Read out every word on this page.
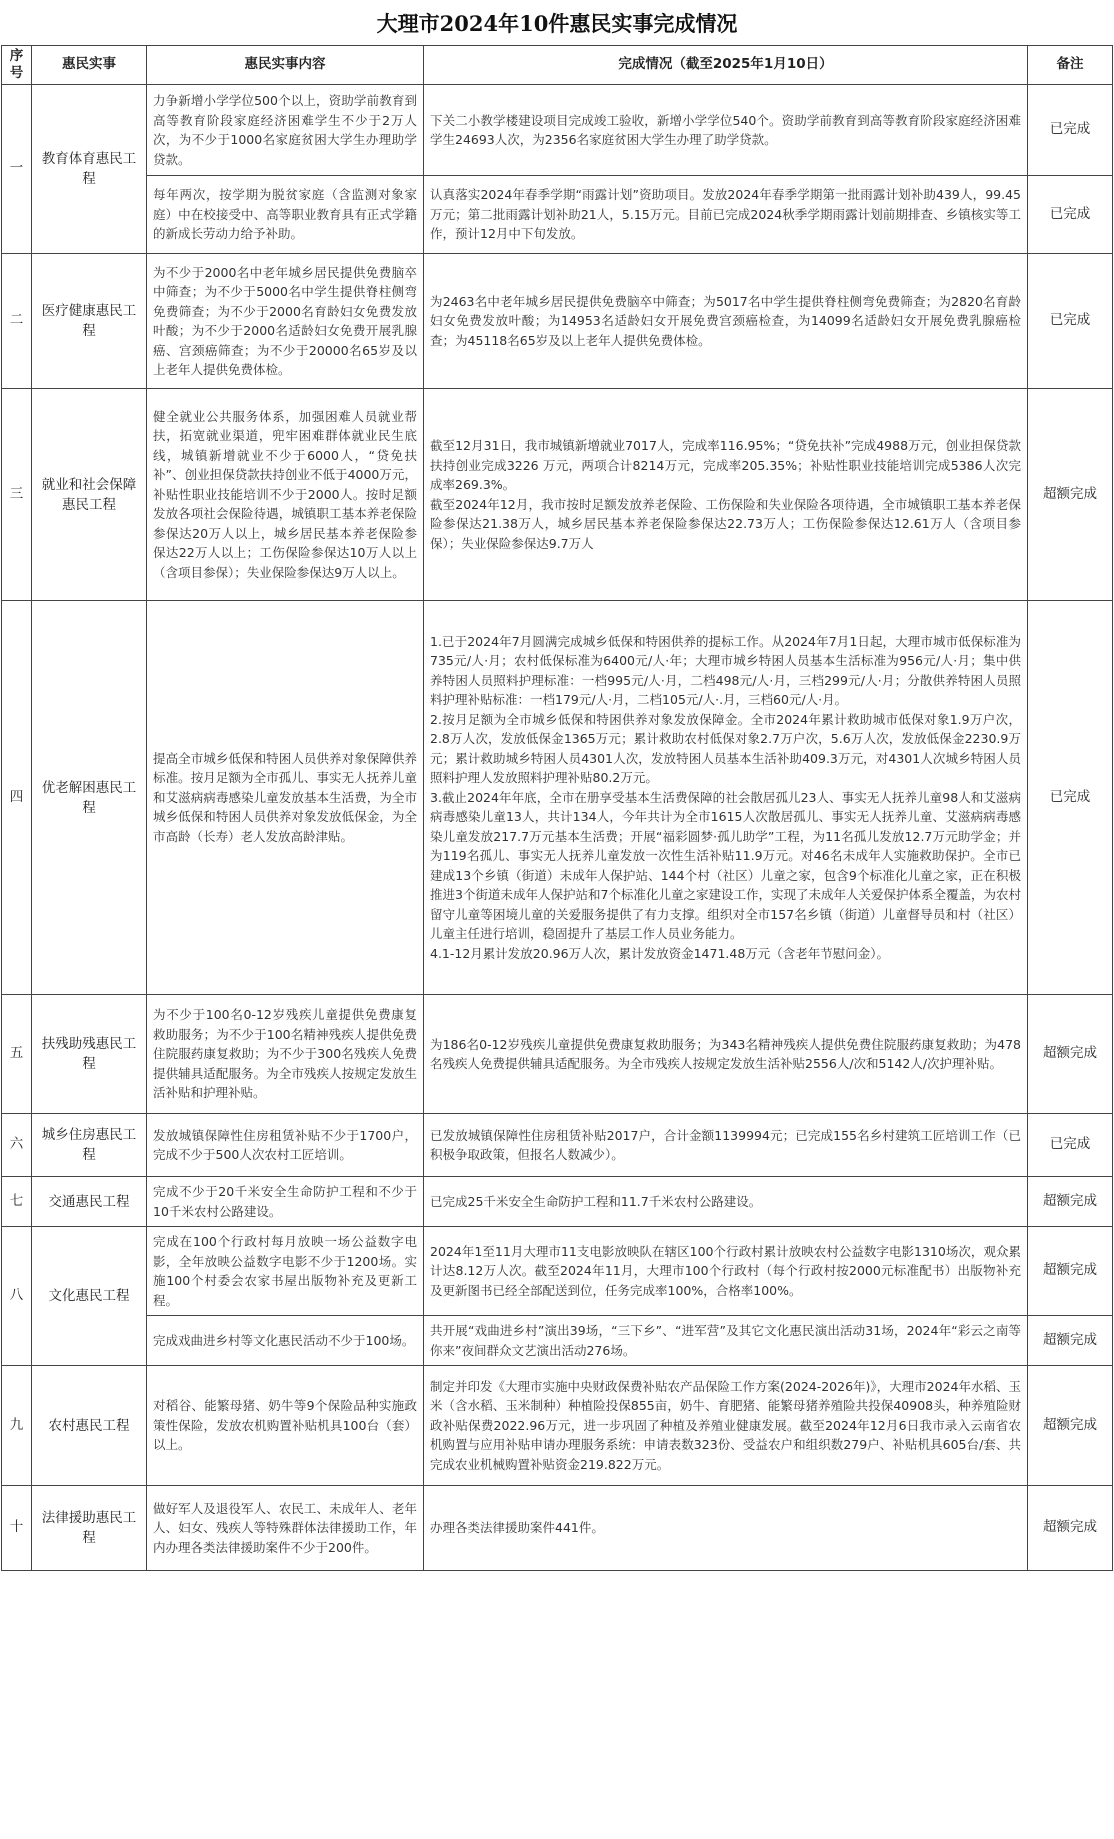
大理市2024年10件惠民实事完成情况
序号	惠民实事	惠民实事内容	完成情况（截至2025年1月10日）	备注
一	教育体育惠民工程	力争新增小学学位500个以上，资助学前教育到高等教育阶段家庭经济困难学生不少于2万人次，为不少于1000名家庭贫困大学生办理助学贷款。	下关二小教学楼建设项目完成竣工验收，新增小学学位540个。资助学前教育到高等教育阶段家庭经济困难学生24693人次，为2356名家庭贫困大学生办理了助学贷款。	已完成
		每年两次，按学期为脱贫家庭（含监测对象家庭）中在校接受中、高等职业教育具有正式学籍的新成长劳动力给予补助。	认真落实2024年春季学期“雨露计划”资助项目。发放2024年春季学期第一批雨露计划补助439人，99.45万元；第二批雨露计划补助21人，5.15万元。目前已完成2024秋季学期雨露计划前期排查、乡镇核实等工作，预计12月中下旬发放。	已完成
二	医疗健康惠民工程	为不少于2000名中老年城乡居民提供免费脑卒中筛查；为不少于5000名中学生提供脊柱侧弯免费筛查；为不少于2000名育龄妇女免费发放叶酸；为不少于2000名适龄妇女免费开展乳腺癌、宫颈癌筛查；为不少于20000名65岁及以上老年人提供免费体检。	为2463名中老年城乡居民提供免费脑卒中筛查；为5017名中学生提供脊柱侧弯免费筛查；为2820名育龄妇女免费发放叶酸；为14953名适龄妇女开展免费宫颈癌检查，为14099名适龄妇女开展免费乳腺癌检查；为45118名65岁及以上老年人提供免费体检。	已完成
三	就业和社会保障惠民工程	健全就业公共服务体系，加强困难人员就业帮扶，拓宽就业渠道，兜牢困难群体就业民生底线，城镇新增就业不少于6000人，“贷免扶补”、创业担保贷款扶持创业不低于4000万元，补贴性职业技能培训不少于2000人。按时足额发放各项社会保险待遇，城镇职工基本养老保险参保达20万人以上，城乡居民基本养老保险参保达22万人以上；工伤保险参保达10万人以上（含项目参保）；失业保险参保达9万人以上。	截至12月31日，我市城镇新增就业7017人，完成率116.95%；“贷免扶补”完成4988万元，创业担保贷款扶持创业完成3226 万元，两项合计8214万元，完成率205.35%；补贴性职业技能培训完成5386人次完成率269.3%。
截至2024年12月，我市按时足额发放养老保险、工伤保险和失业保险各项待遇，全市城镇职工基本养老保险参保达21.38万人，城乡居民基本养老保险参保达22.73万人；工伤保险参保达12.61万人（含项目参保）；失业保险参保达9.7万人	超额完成
四	优老解困惠民工程	提高全市城乡低保和特困人员供养对象保障供养标准。按月足额为全市孤儿、事实无人抚养儿童和艾滋病病毒感染儿童发放基本生活费，为全市城乡低保和特困人员供养对象发放低保金，为全市高龄（长寿）老人发放高龄津贴。	1.已于2024年7月圆满完成城乡低保和特困供养的提标工作。从2024年7月1日起，大理市城市低保标准为735元/人·月；农村低保标准为6400元/人·年；大理市城乡特困人员基本生活标准为956元/人·月；集中供养特困人员照料护理标准：一档995元/人·月，二档498元/人·月，三档299元/人·月；分散供养特困人员照料护理补贴标准：一档179元/人·月，二档105元/人·.月，三档60元/人·月。
2.按月足额为全市城乡低保和特困供养对象发放保障金。全市2024年累计救助城市低保对象1.9万户次，2.8万人次，发放低保金1365万元；累计救助农村低保对象2.7万户次，5.6万人次，发放低保金2230.9万元；累计救助城乡特困人员4301人次，发放特困人员基本生活补助409.3万元，对4301人次城乡特困人员照料护理人发放照料护理补贴80.2万元。
3.截止2024年年底，全市在册享受基本生活费保障的社会散居孤儿23人、事实无人抚养儿童98人和艾滋病病毒感染儿童13人，共计134人，今年共计为全市1615人次散居孤儿、事实无人抚养儿童、艾滋病病毒感染儿童发放217.7万元基本生活费；开展“福彩圆梦·孤儿助学”工程，为11名孤儿发放12.7万元助学金；并为119名孤儿、事实无人抚养儿童发放一次性生活补贴11.9万元。对46名未成年人实施救助保护。全市已建成13个乡镇（街道）未成年人保护站、144个村（社区）儿童之家，包含9个标准化儿童之家，正在积极推进3个街道未成年人保护站和7个标准化儿童之家建设工作，实现了未成年人关爱保护体系全覆盖，为农村留守儿童等困境儿童的关爱服务提供了有力支撑。组织对全市157名乡镇（街道）儿童督导员和村（社区）儿童主任进行培训，稳固提升了基层工作人员业务能力。
4.1-12月累计发放20.96万人次，累计发放资金1471.48万元（含老年节慰问金）。	已完成
五	扶残助残惠民工程	为不少于100名0-12岁残疾儿童提供免费康复救助服务；为不少于100名精神残疾人提供免费住院服药康复救助；为不少于300名残疾人免费提供辅具适配服务。为全市残疾人按规定发放生活补贴和护理补贴。	为186名0-12岁残疾儿童提供免费康复救助服务；为343名精神残疾人提供免费住院服药康复救助；为478名残疾人免费提供辅具适配服务。为全市残疾人按规定发放生活补贴2556人/次和5142人/次护理补贴。	超额完成
六	城乡住房惠民工程	发放城镇保障性住房租赁补贴不少于1700户，完成不少于500人次农村工匠培训。	已发放城镇保障性住房租赁补贴2017户，合计金额1139994元；已完成155名乡村建筑工匠培训工作（已积极争取政策，但报名人数减少）。	已完成
七	交通惠民工程	完成不少于20千米安全生命防护工程和不少于10千米农村公路建设。	已完成25千米安全生命防护工程和11.7千米农村公路建设。	超额完成
八	文化惠民工程	完成在100个行政村每月放映一场公益数字电影，全年放映公益数字电影不少于1200场。实施100个村委会农家书屋出版物补充及更新工程。	2024年1至11月大理市11支电影放映队在辖区100个行政村累计放映农村公益数字电影1310场次，观众累计达8.12万人次。截至2024年11月，大理市100个行政村（每个行政村按2000元标准配书）出版物补充及更新图书已经全部配送到位，任务完成率100%，合格率100%。	超额完成
		完成戏曲进乡村等文化惠民活动不少于100场。	共开展“戏曲进乡村”演出39场，“三下乡”、“进军营”及其它文化惠民演出活动31场，2024年“彩云之南等你来”夜间群众文艺演出活动276场。	超额完成
九	农村惠民工程	对稻谷、能繁母猪、奶牛等9个保险品种实施政策性保险，发放农机购置补贴机具100台（套）以上。	制定并印发《大理市实施中央财政保费补贴农产品保险工作方案(2024-2026年)》，大理市2024年水稻、玉米（含水稻、玉米制种）种植险投保855亩，奶牛、育肥猪、能繁母猪养殖险共投保40908头，种养殖险财政补贴保费2022.96万元，进一步巩固了种植及养殖业健康发展。截至2024年12月6日我市录入云南省农机购置与应用补贴申请办理服务系统：申请表数323份、受益农户和组织数279户、补贴机具605台/套、共完成农业机械购置补贴资金219.822万元。	超额完成
十	法律援助惠民工程	做好军人及退役军人、农民工、未成年人、老年人、妇女、残疾人等特殊群体法律援助工作，年内办理各类法律援助案件不少于200件。	办理各类法律援助案件441件。	超额完成
